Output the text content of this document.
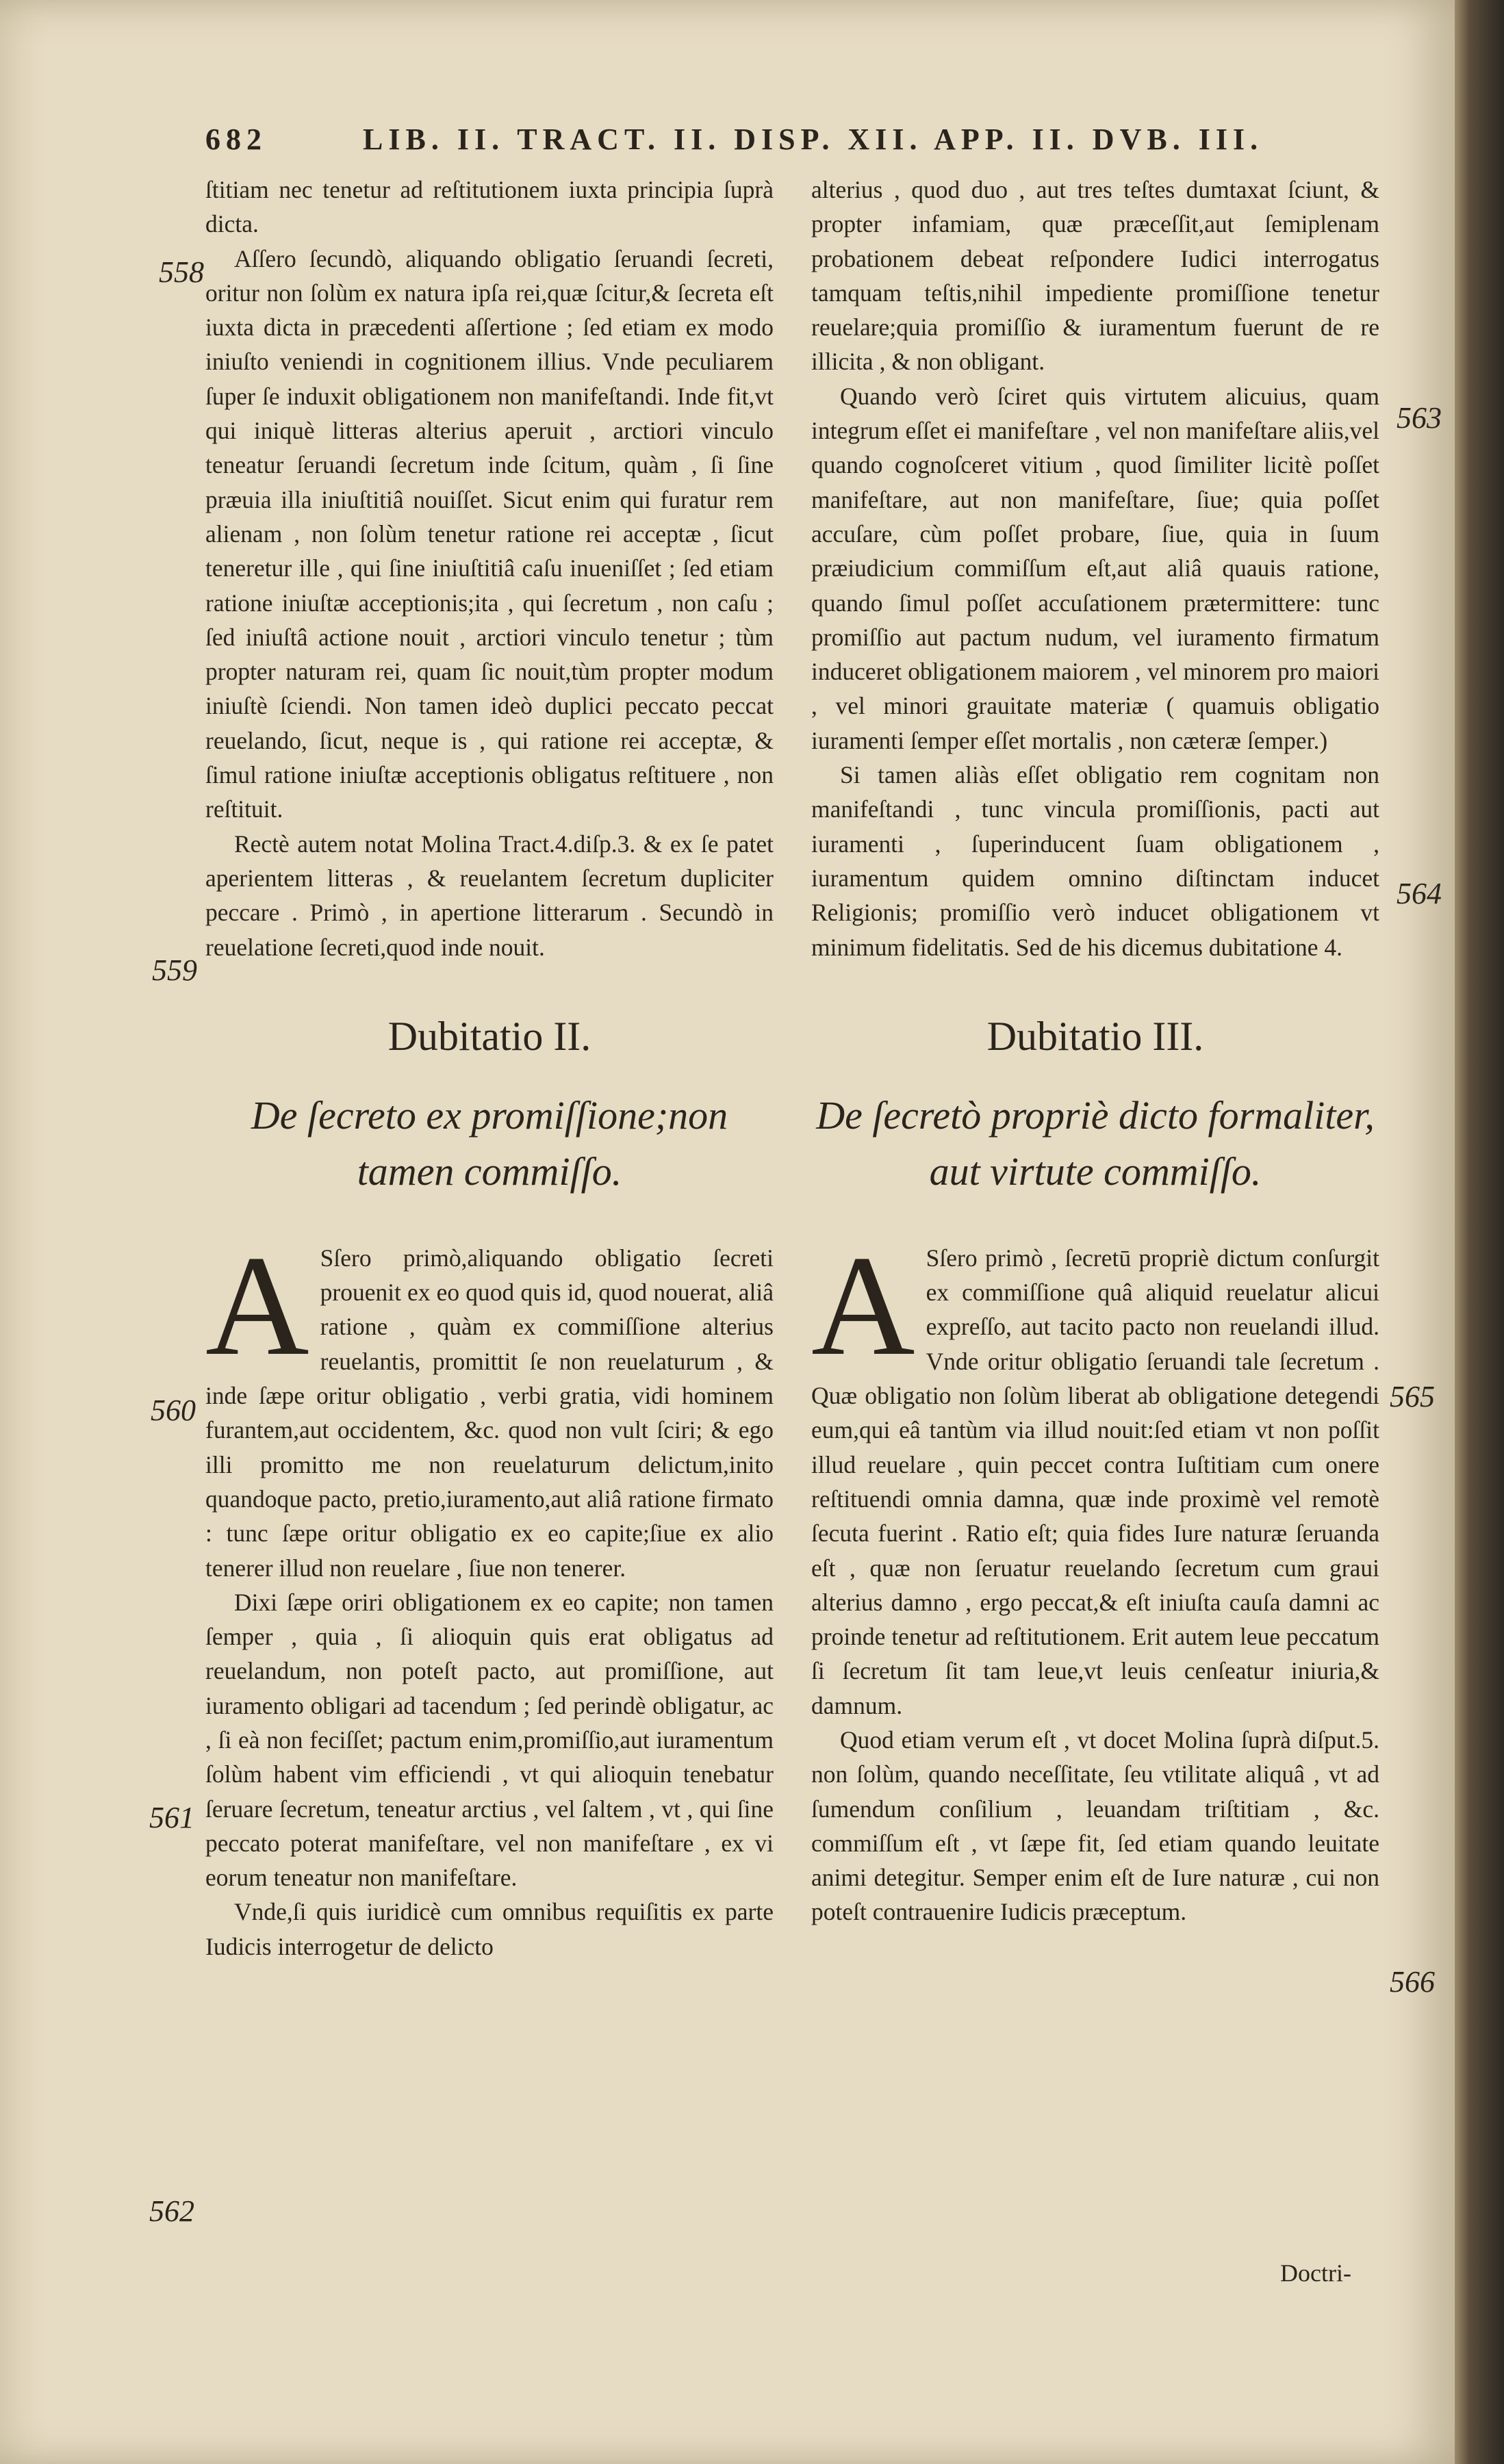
682	LIB. II. TRACT. II. DISP. XII. APP. II. DVB. III.
558
559
560
561
562
563
564
565
566

ſtitiam nec tenetur ad reſtitutionem iuxta principia ſuprà dicta.

Aſſero ſecundò, aliquando obligatio ſeruandi ſecreti, oritur non ſolùm ex natura ipſa rei,quæ ſcitur,& ſecreta eſt iuxta dicta in præcedenti aſſertione ; ſed etiam ex modo iniuſto veniendi in cognitionem illius. Vnde peculiarem ſuper ſe induxit obligationem non manifeſtandi. Inde fit,vt qui iniquè litteras alterius aperuit , arctiori vinculo teneatur ſeruandi ſecretum inde ſcitum, quàm , ſi ſine præuia illa iniuſtitiâ nouiſſet. Sicut enim qui furatur rem alienam , non ſolùm tenetur ratione rei acceptæ , ſicut teneretur ille , qui ſine iniuſtitiâ caſu inueniſſet ; ſed etiam ratione iniuſtæ acceptionis;ita , qui ſecretum , non caſu ; ſed iniuſtâ actione nouit , arctiori vinculo tenetur ; tùm propter naturam rei, quam ſic nouit,tùm propter modum iniuſtè ſciendi. Non tamen ideò duplici peccato peccat reuelando, ſicut, neque is , qui ratione rei acceptæ, & ſimul ratione iniuſtæ acceptionis obligatus reſtituere , non reſtituit.

Rectè autem notat Molina Tract.4.diſp.3. & ex ſe patet aperientem litteras , & reuelantem ſecretum dupliciter peccare . Primò , in apertione litterarum . Secundò in reuelatione ſecreti,quod inde nouit.

Dubitatio II.
De ſecreto ex promiſſione;non tamen commiſſo.
A Sſero primò,aliquando obligatio ſecreti prouenit ex eo quod quis id, quod nouerat, aliâ ratione , quàm ex commiſſione alterius reuelantis, promittit ſe non reuelaturum , & inde ſæpe oritur obligatio , verbi gratia, vidi hominem furantem,aut occidentem, &c. quod non vult ſciri; & ego illi promitto me non reuelaturum delictum,inito quandoque pacto, pretio,iuramento,aut aliâ ratione firmato : tunc ſæpe oritur obligatio ex eo capite;ſiue ex alio tenerer illud non reuelare , ſiue non tenerer.

Dixi ſæpe oriri obligationem ex eo capite; non tamen ſemper , quia , ſi alioquin quis erat obligatus ad reuelandum, non poteſt pacto, aut promiſſione, aut iuramento obligari ad tacendum ; ſed perindè obligatur, ac , ſi eà non feciſſet; pactum enim,promiſſio,aut iuramentum ſolùm habent vim efficiendi , vt qui alioquin tenebatur ſeruare ſecretum, teneatur arctius , vel ſaltem , vt , qui ſine peccato poterat manifeſtare, vel non manifeſtare , ex vi eorum teneatur non manifeſtare.

Vnde,ſi quis iuridicè cum omnibus requiſitis ex parte Iudicis interrogetur de delicto

alterius , quod duo , aut tres teſtes dumtaxat ſciunt, & propter infamiam, quæ præceſſit,aut ſemiplenam probationem debeat reſpondere Iudici interrogatus tamquam teſtis,nihil impediente promiſſione tenetur reuelare;quia promiſſio & iuramentum fuerunt de re illicita , & non obligant.

Quando verò ſciret quis virtutem alicuius, quam integrum eſſet ei manifeſtare , vel non manifeſtare aliis,vel quando cognoſceret vitium , quod ſimiliter licitè poſſet manifeſtare, aut non manifeſtare, ſiue; quia poſſet accuſare, cùm poſſet probare, ſiue, quia in ſuum præiudicium commiſſum eſt,aut aliâ quauis ratione, quando ſimul poſſet accuſationem prætermittere: tunc promiſſio aut pactum nudum, vel iuramento firmatum induceret obligationem maiorem , vel minorem pro maiori , vel minori grauitate materiæ ( quamuis obligatio iuramenti ſemper eſſet mortalis , non cæteræ ſemper.)

Si tamen aliàs eſſet obligatio rem cognitam non manifeſtandi , tunc vincula promiſſionis, pacti aut iuramenti , ſuperinducent ſuam obligationem , iuramentum quidem omnino diſtinctam inducet Religionis; promiſſio verò inducet obligationem vt minimum fidelitatis. Sed de his dicemus dubitatione 4.

Dubitatio III.
De ſecretò propriè dicto formaliter, aut virtute commiſſo.
A Sſero primò , ſecretū propriè dictum conſurgit ex commiſſione quâ aliquid reuelatur alicui expreſſo, aut tacito pacto non reuelandi illud. Vnde oritur obligatio ſeruandi tale ſecretum . Quæ obligatio non ſolùm liberat ab obligatione detegendi eum,qui eâ tantùm via illud nouit:ſed etiam vt non poſſit illud reuelare , quin peccet contra Iuſtitiam cum onere reſtituendi omnia damna, quæ inde proximè vel remotè ſecuta fuerint . Ratio eſt; quia fides Iure naturæ ſeruanda eſt , quæ non ſeruatur reuelando ſecretum cum graui alterius damno , ergo peccat,& eſt iniuſta cauſa damni ac proinde tenetur ad reſtitutionem. Erit autem leue peccatum ſi ſecretum ſit tam leue,vt leuis cenſeatur iniuria,& damnum.

Quod etiam verum eſt , vt docet Molina ſuprà diſput.5. non ſolùm, quando neceſſitate, ſeu vtilitate aliquâ , vt ad ſumendum conſilium , leuandam triſtitiam , &c. commiſſum eſt , vt ſæpe fit, ſed etiam quando leuitate animi detegitur. Semper enim eſt de Iure naturæ , cui non poteſt contrauenire Iudicis præceptum.

Doctri-
